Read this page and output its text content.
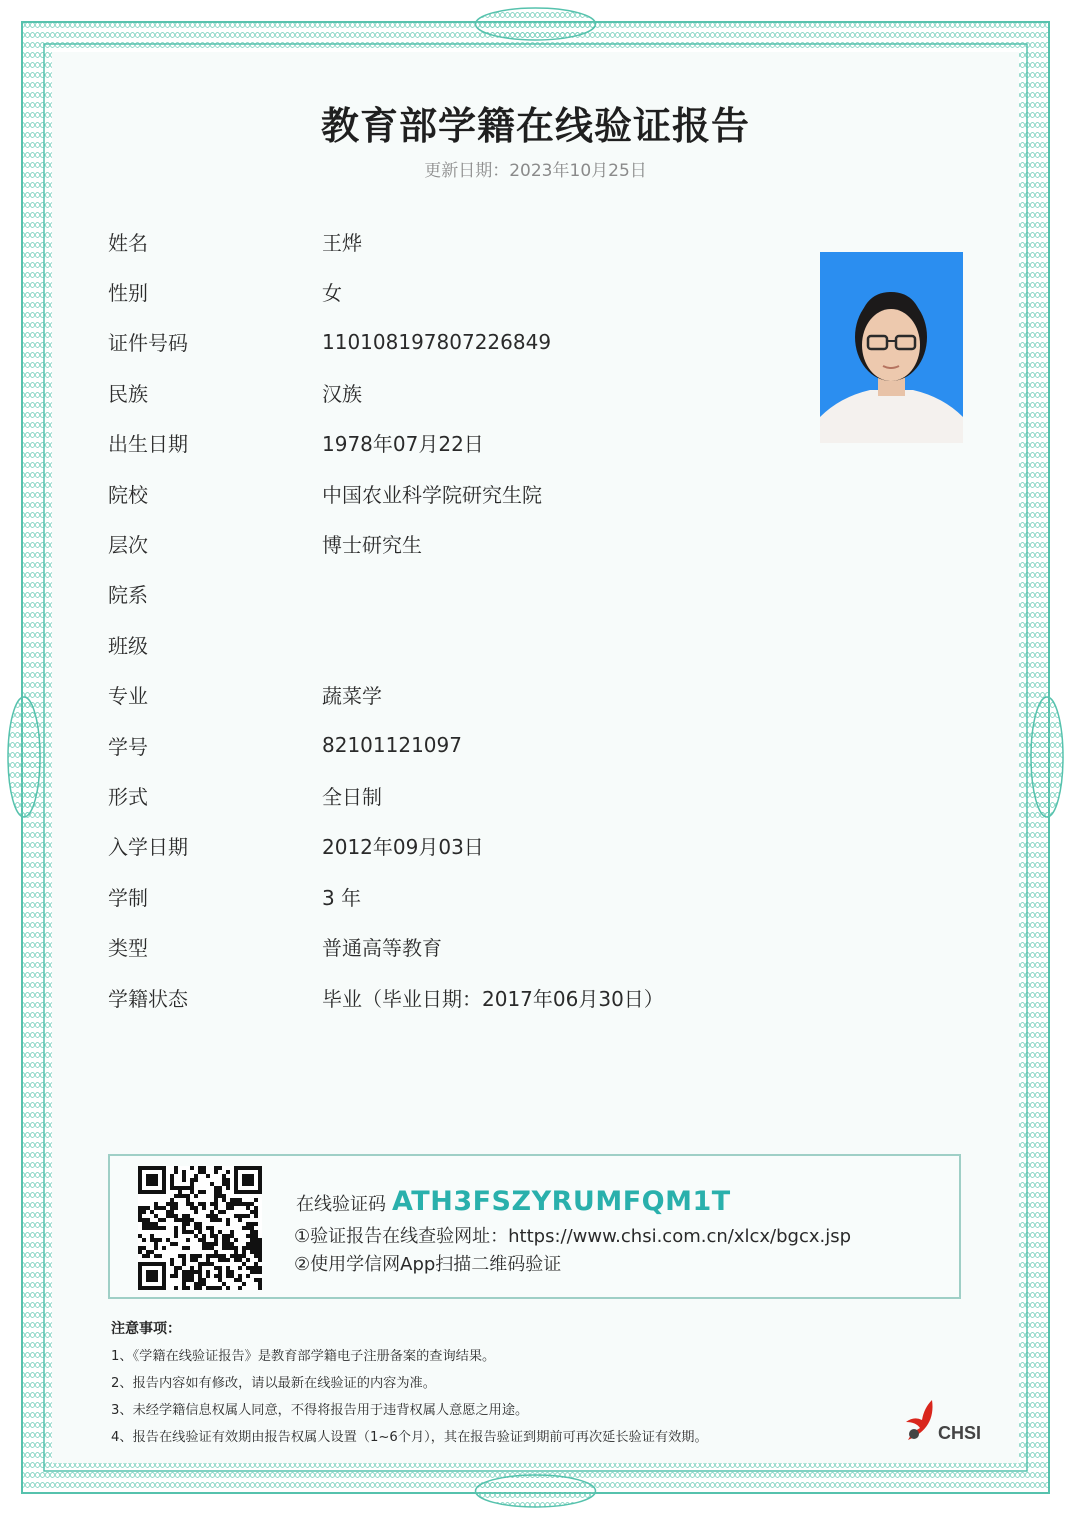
教育部学籍在线验证报告
更新日期：2023年10月25日
姓名	王烨
性别	女
证件号码	110108197807226849
民族	汉族
出生日期	1978年07月22日
院校	中国农业科学院研究生院
层次	博士研究生
院系
班级
专业	蔬菜学
学号	82101121097
形式	全日制
入学日期	2012年09月03日
学制	3 年
类型	普通高等教育
学籍状态	毕业（毕业日期：2017年06月30日）
在线验证码 ATH3FSZYRUMFQM1T
①验证报告在线查验网址：https://www.chsi.com.cn/xlcx/bgcx.jsp
②使用学信网App扫描二维码验证
注意事项：
1、《学籍在线验证报告》是教育部学籍电子注册备案的查询结果。
2、报告内容如有修改，请以最新在线验证的内容为准。
3、未经学籍信息权属人同意，不得将报告用于违背权属人意愿之用途。
4、报告在线验证有效期由报告权属人设置（1~6个月），其在报告验证到期前可再次延长验证有效期。	CHSI
